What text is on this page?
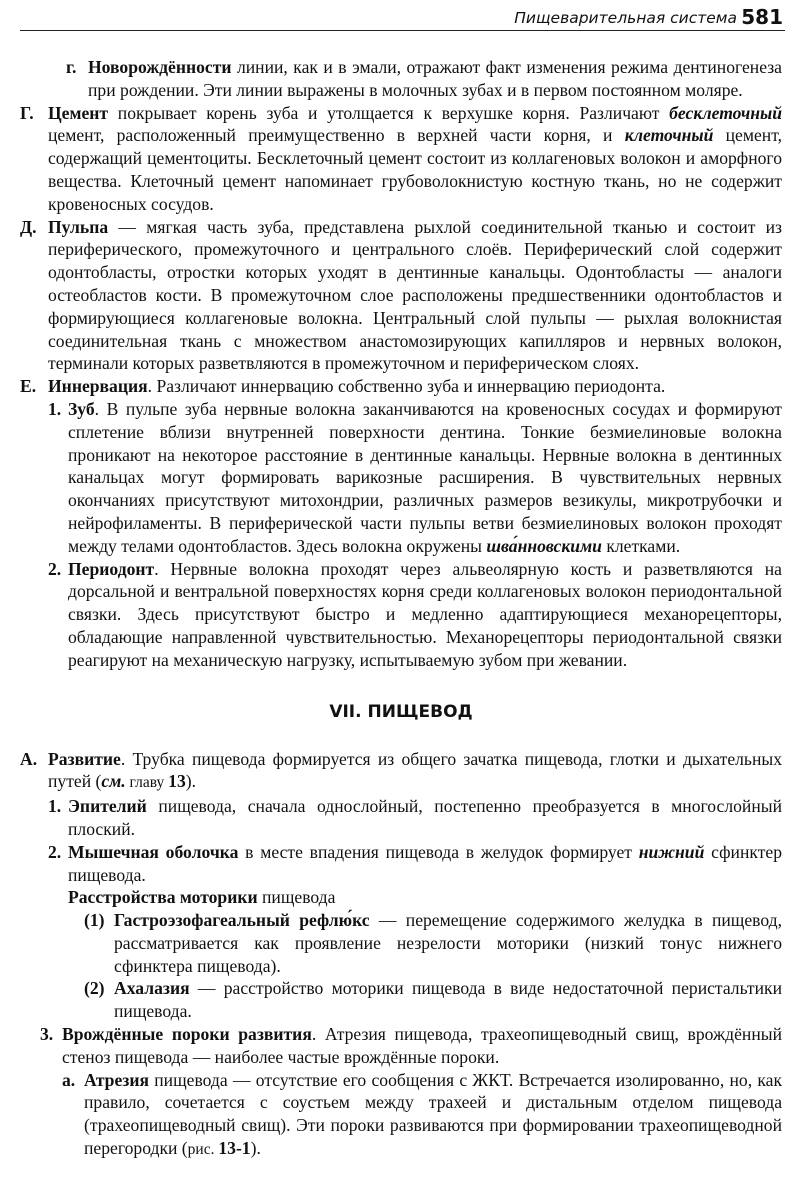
Пищеварительная система 581
г. Новорождённости линии, как и в эмали, отражают факт изменения режима дентиногенеза при рождении. Эти линии выражены в молочных зубах и в первом постоянном моляре.

Г. Цемент покрывает корень зуба и утолщается к верхушке корня. Различают бесклеточный цемент, расположенный преимущественно в верхней части корня, и клеточный цемент, содержащий цементоциты. Бесклеточный цемент состоит из коллагеновых волокон и аморфного вещества. Клеточный цемент напоминает грубоволокнистую костную ткань, но не содержит кровеносных сосудов.

Д. Пульпа — мягкая часть зуба, представлена рыхлой соединительной тканью и состоит из периферического, промежуточного и центрального слоёв. Периферический слой содержит одонтобласты, отростки которых уходят в дентинные канальцы. Одонтобласты — аналоги остеобластов кости. В промежуточном слое расположены предшественники одонтобластов и формирующиеся коллагеновые волокна. Центральный слой пульпы — рыхлая волокнистая соединительная ткань с множеством анастомозирующих капилляров и нервных волокон, терминали которых разветвляются в промежуточном и периферическом слоях.

Е. Иннервация. Различают иннервацию собственно зуба и иннервацию периодонта.

1. Зуб. В пульпе зуба нервные волокна заканчиваются на кровеносных сосудах и формируют сплетение вблизи внутренней поверхности дентина. Тонкие безмиелиновые волокна проникают на некоторое расстояние в дентинные канальцы. Нервные волокна в дентинных канальцах могут формировать варикозные расширения. В чувствительных нервных окончаниях присутствуют митохондрии, различных размеров везикулы, микротрубочки и нейрофиламенты. В периферической части пульпы ветви безмиелиновых волокон проходят между телами одонтобластов. Здесь волокна окружены шва́нновскими клетками.

2. Периодонт. Нервные волокна проходят через альвеолярную кость и разветвляются на дорсальной и вентральной поверхностях корня среди коллагеновых волокон периодонтальной связки. Здесь присутствуют быстро и медленно адаптирующиеся механорецепторы, обладающие направленной чувствительностью. Механорецепторы периодонтальной связки реагируют на механическую нагрузку, испытываемую зубом при жевании.

VII. ПИЩЕВОД

А. Развитие. Трубка пищевода формируется из общего зачатка пищевода, глотки и дыхательных путей (см. главу 13).

1. Эпителий пищевода, сначала однослойный, постепенно преобразуется в многослойный плоский.

2. Мышечная оболочка в месте впадения пищевода в желудок формирует нижний сфинктер пищевода.

Расстройства моторики пищевода

(1) Гастроэзофагеальный рефлю́кс — перемещение содержимого желудка в пищевод, рассматривается как проявление незрелости моторики (низкий тонус нижнего сфинктера пищевода).

(2) Ахалазия — расстройство моторики пищевода в виде недостаточной перистальтики пищевода.

3. Врождённые пороки развития. Атрезия пищевода, трахеопищеводный свищ, врождённый стеноз пищевода — наиболее частые врождённые пороки.

а. Атрезия пищевода — отсутствие его сообщения с ЖКТ. Встречается изолированно, но, как правило, сочетается с соустьем между трахеей и дистальным отделом пищевода (трахеопищеводный свищ). Эти пороки развиваются при формировании трахеопищеводной перегородки (рис. 13-1).
